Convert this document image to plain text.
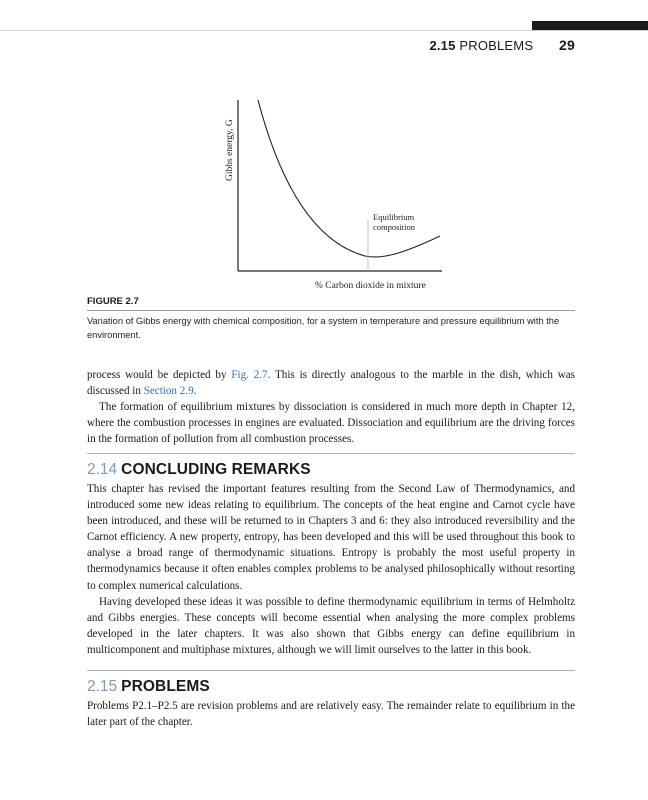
2.15 PROBLEMS 29
Equilibrium
composition
% Carbon dioxide in mixture
Gibbs energy, G
FIGURE 2.7
Variation of Gibbs energy with chemical composition, for a system in temperature and pressure equilibrium with the environment.

process would be depicted by Fig. 2.7. This is directly analogous to the marble in the dish, which was discussed in Section 2.9.

The formation of equilibrium mixtures by dissociation is considered in much more depth in Chapter 12, where the combustion processes in engines are evaluated. Dissociation and equilibrium are the driving forces in the formation of pollution from all combustion processes.

2.14 CONCLUDING REMARKS

This chapter has revised the important features resulting from the Second Law of Thermodynamics, and introduced some new ideas relating to equilibrium. The concepts of the heat engine and Carnot cycle have been introduced, and these will be returned to in Chapters 3 and 6: they also introduced reversibility and the Carnot efficiency. A new property, entropy, has been developed and this will be used throughout this book to analyse a broad range of thermodynamic situations. Entropy is probably the most useful property in thermodynamics because it often enables complex problems to be analysed philosophically without resorting to complex numerical calculations.

Having developed these ideas it was possible to define thermodynamic equilibrium in terms of Helmholtz and Gibbs energies. These concepts will become essential when analysing the more complex problems developed in the later chapters. It was also shown that Gibbs energy can define equilibrium in multicomponent and multiphase mixtures, although we will limit ourselves to the latter in this book.

2.15 PROBLEMS

Problems P2.1–P2.5 are revision problems and are relatively easy. The remainder relate to equilibrium in the later part of the chapter.
